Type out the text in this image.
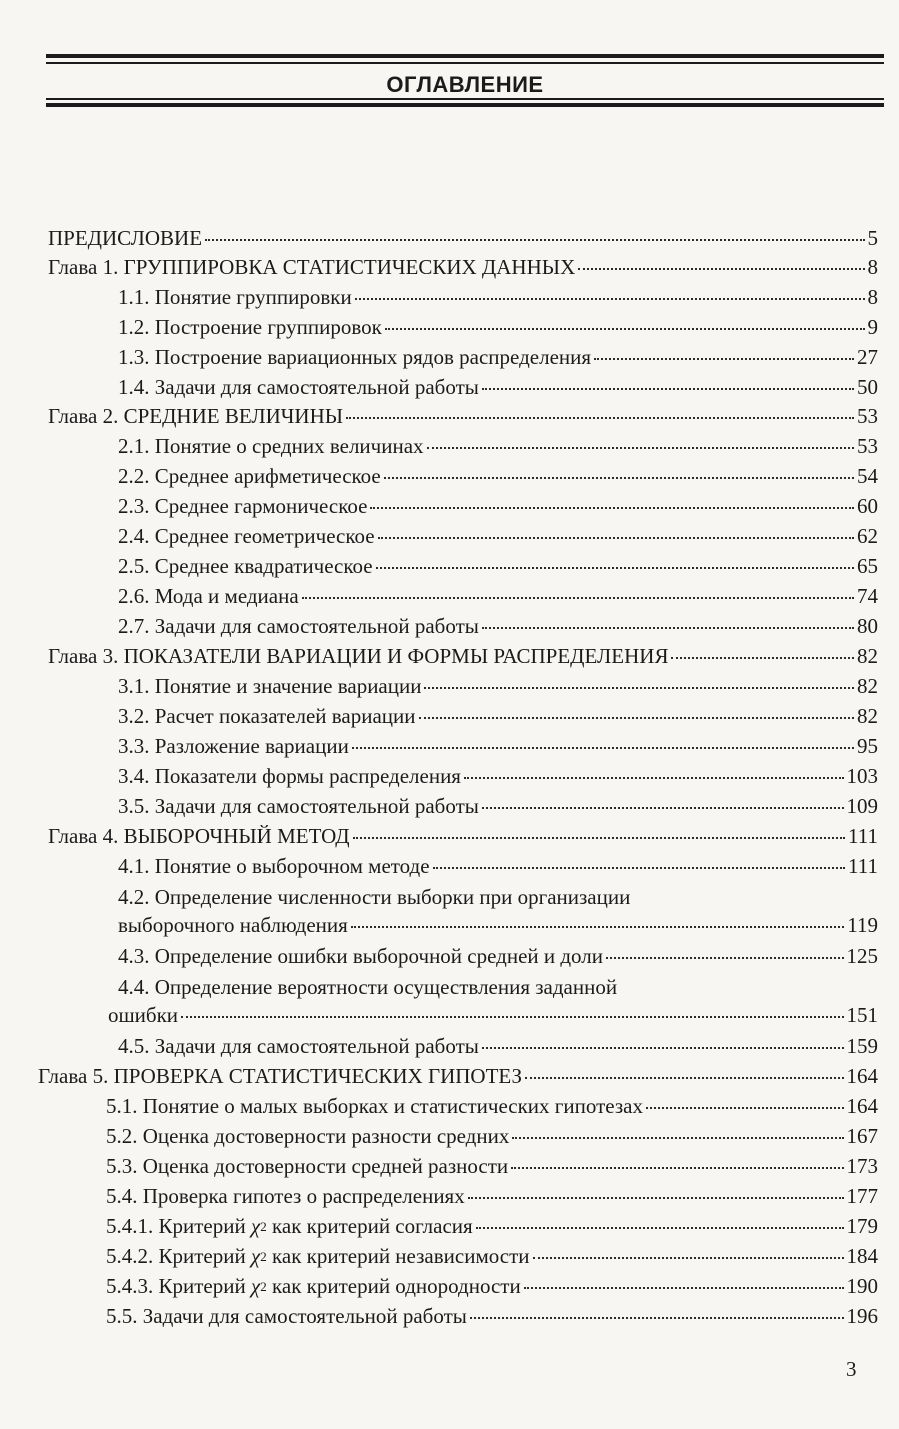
ОГЛАВЛЕНИЕ
ПРЕДИСЛОВИЕ	5
Глава 1. ГРУППИРОВКА СТАТИСТИЧЕСКИХ ДАННЫХ	8
1.1. Понятие группировки	8
1.2. Построение группировок	9
1.3. Построение вариационных рядов распределения	27
1.4. Задачи для самостоятельной работы	50
Глава 2. СРЕДНИЕ ВЕЛИЧИНЫ	53
2.1. Понятие о средних величинах	53
2.2. Среднее арифметическое	54
2.3. Среднее гармоническое	60
2.4. Среднее геометрическое	62
2.5. Среднее квадратическое	65
2.6. Мода и медиана	74
2.7. Задачи для самостоятельной работы	80
Глава 3. ПОКАЗАТЕЛИ ВАРИАЦИИ И ФОРМЫ РАСПРЕДЕЛЕНИЯ	82
3.1. Понятие и значение вариации	82
3.2. Расчет показателей вариации	82
3.3. Разложение вариации	95
3.4. Показатели формы распределения	103
3.5. Задачи для самостоятельной работы	109
Глава 4. ВЫБОРОЧНЫЙ МЕТОД	111
4.1. Понятие о выборочном методе	111
4.2. Определение численности выборки при организации
выборочного наблюдения	119
4.3. Определение ошибки выборочной средней и доли	125
4.4. Определение вероятности осуществления заданной
ошибки	151
4.5. Задачи для самостоятельной работы	159
Глава 5. ПРОВЕРКА СТАТИСТИЧЕСКИХ ГИПОТЕЗ	164
5.1. Понятие о малых выборках и статистических гипотезах	164
5.2. Оценка достоверности разности средних	167
5.3. Оценка достоверности средней разности	173
5.4. Проверка гипотез о распределениях	177
5.4.1. Критерий $\chi^2$ как критерий согласия	179
5.4.2. Критерий $\chi^2$ как критерий независимости	184
5.4.3. Критерий $\chi^2$ как критерий однородности	190
5.5. Задачи для самостоятельной работы	196
3
